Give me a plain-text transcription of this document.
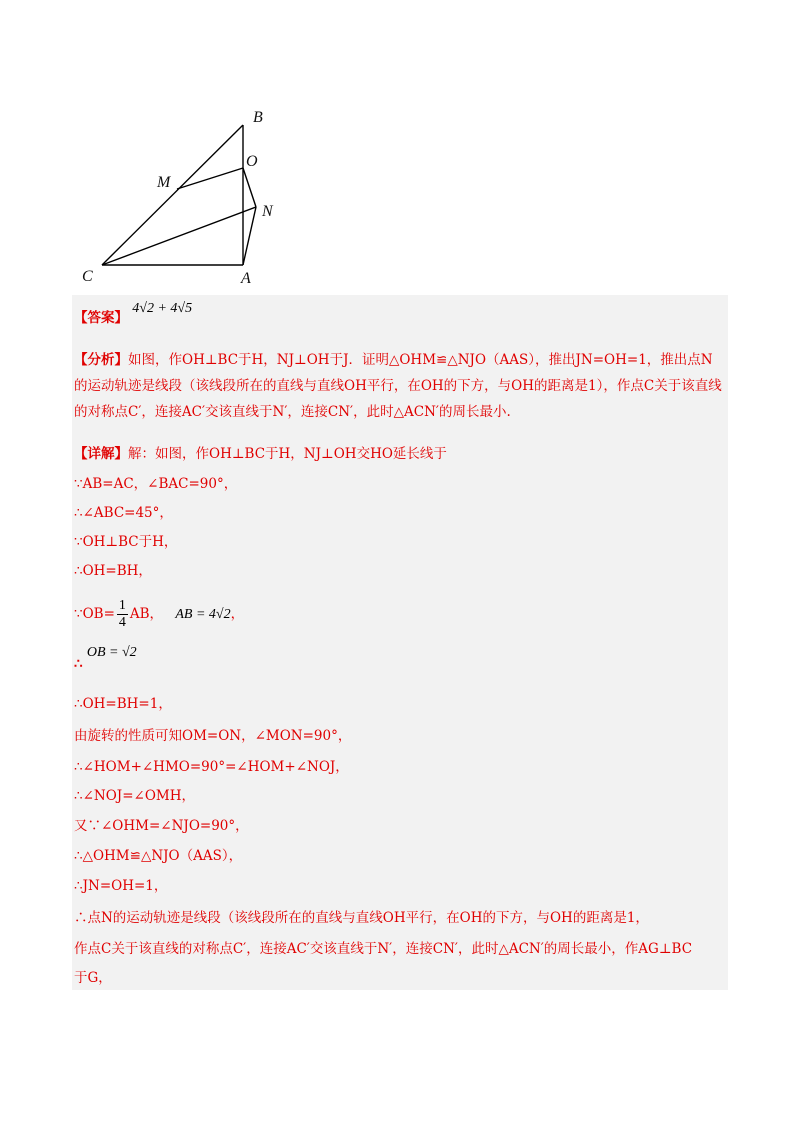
B
O
M
N
C	A
【答案】 4√2 + 4√5
【分析】如图，作OH⊥BC于H，NJ⊥OH于J．证明△OHM≌△NJO（AAS），推出JN=OH=1，推出点N的运动轨迹是线段（该线段所在的直线与直线OH平行，在OH的下方，与OH的距离是1），作点C关于该直线的对称点C′，连接AC′交该直线于N′，连接CN′，此时△ACN′的周长最小.
【详解】解：如图，作OH⊥BC于H，NJ⊥OH交HO延长线于
∵AB=AC，∠BAC=90°，
∴∠ABC=45°，
∵OH⊥BC于H，
∴OH=BH，
∵OB= $\frac{1}{4}$ AB， AB = 4√2，
∴ OB = √2
∴OH=BH=1，
由旋转的性质可知OM=ON，∠MON=90°，
∴∠HOM+∠HMO=90°=∠HOM+∠NOJ，
∴∠NOJ=∠OMH，
又∵∠OHM=∠NJO=90°，
∴△OHM≌△NJO（AAS），
∴JN=OH=1，
∴点N的运动轨迹是线段（该线段所在的直线与直线OH平行，在OH的下方，与OH的距离是1，
作点C关于该直线的对称点C′，连接AC′交该直线于N′，连接CN′，此时△ACN′的周长最小，作AG⊥BC
于G，
